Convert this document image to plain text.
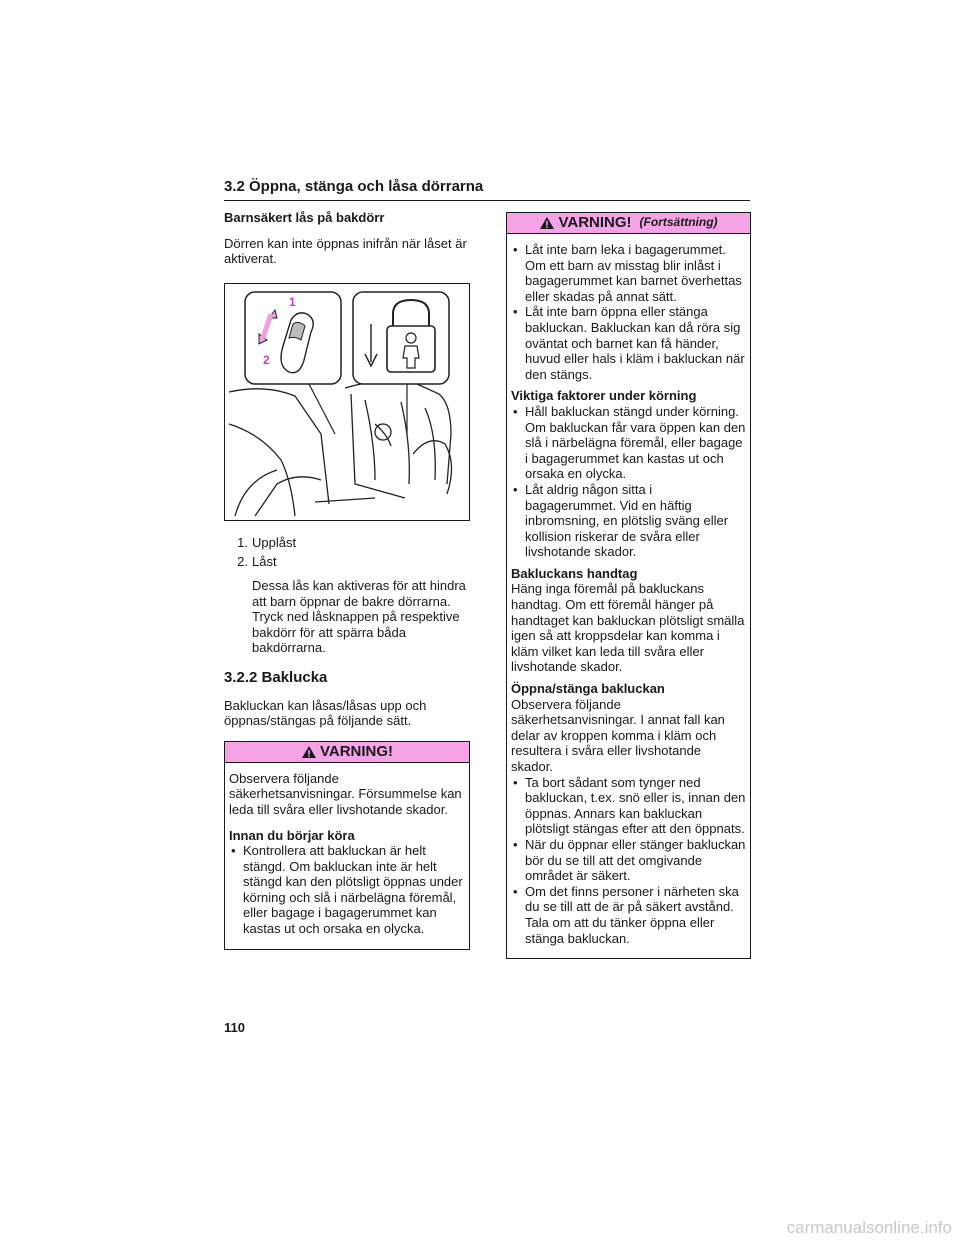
3.2 Öppna, stänga och låsa dörrarna
Barnsäkert lås på bakdörr

Dörren kan inte öppnas inifrån när låset är aktiverat.

1
2
1. Upplåst
2. Låst

Dessa lås kan aktiveras för att hindra att barn öppnar de bakre dörrarna. Tryck ned låsknappen på respektive bakdörr för att spärra båda bakdörrarna.

3.2.2 Baklucka

Bakluckan kan låsas/låsas upp och öppnas/stängas på följande sätt.

VARNING!

Observera följande säkerhetsanvisningar. Försummelse kan leda till svåra eller livshotande skador.

Innan du börjar köra
• Kontrollera att bakluckan är helt stängd. Om bakluckan inte är helt stängd kan den plötsligt öppnas under körning och slå i närbelägna föremål, eller bagage i bagagerummet kan kastas ut och orsaka en olycka.
VARNING! (Fortsättning)
• Låt inte barn leka i bagagerummet. Om ett barn av misstag blir inlåst i bagagerummet kan barnet överhettas eller skadas på annat sätt.
• Låt inte barn öppna eller stänga bakluckan. Bakluckan kan då röra sig oväntat och barnet kan få händer, huvud eller hals i kläm i bakluckan när den stängs.
Viktiga faktorer under körning
• Håll bakluckan stängd under körning. Om bakluckan får vara öppen kan den slå i närbelägna föremål, eller bagage i bagagerummet kan kastas ut och orsaka en olycka.
• Låt aldrig någon sitta i bagagerummet. Vid en häftig inbromsning, en plötslig sväng eller kollision riskerar de svåra eller livshotande skador.
Bakluckans handtag

Häng inga föremål på bakluckans handtag. Om ett föremål hänger på handtaget kan bakluckan plötsligt smälla igen så att kroppsdelar kan komma i kläm vilket kan leda till svåra eller livshotande skador.

Öppna/stänga bakluckan

Observera följande säkerhetsanvisningar. I annat fall kan delar av kroppen komma i kläm och resultera i svåra eller livshotande skador.

• Ta bort sådant som tynger ned bakluckan, t.ex. snö eller is, innan den öppnas. Annars kan bakluckan plötsligt stängas efter att den öppnats.
• När du öppnar eller stänger bakluckan bör du se till att det omgivande området är säkert.
• Om det finns personer i närheten ska du se till att de är på säkert avstånd. Tala om att du tänker öppna eller stänga bakluckan.
110
carmanualsonline.info
